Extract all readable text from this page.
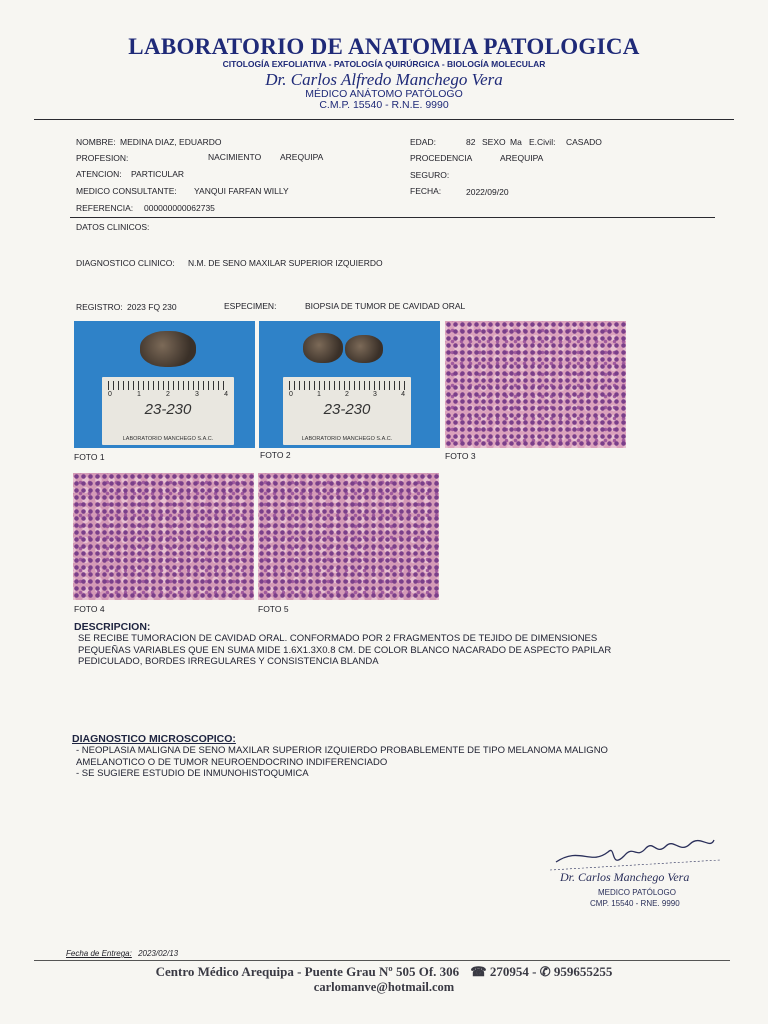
LABORATORIO DE ANATOMIA PATOLOGICA
CITOLOGÍA EXFOLIATIVA - PATOLOGÍA QUIRÚRGICA - BIOLOGÍA MOLECULAR
Dr. Carlos Alfredo Manchego Vera
MÉDICO ANÁTOMO PATÓLOGO
C.M.P. 15540 - R.N.E. 9990
NOMBRE: MEDINA DIAZ, EDUARDO
PROFESION:	NACIMIENTO AREQUIPA
ATENCION: PARTICULAR
MEDICO CONSULTANTE: YANQUI FARFAN WILLY
REFERENCIA: 000000000062735
EDAD:	82 SEXO Ma E.Civil: CASADO
PROCEDENCIA	AREQUIPA
SEGURO:
FECHA:	2022/09/20
DATOS CLINICOS:
DIAGNOSTICO CLINICO: N.M. DE SENO MAXILAR SUPERIOR IZQUIERDO
REGISTRO: 2023 FQ 230	ESPECIMEN:	BIOPSIA DE TUMOR DE CAVIDAD ORAL
0	1	2	3	4
23-230
LABORATORIO MANCHEGO S.A.C.
0	1	2	3	4
23-230
LABORATORIO MANCHEGO S.A.C.
FOTO 1	FOTO 2	FOTO 3
FOTO 4	FOTO 5
DESCRIPCION:
SE RECIBE TUMORACION DE CAVIDAD ORAL. CONFORMADO POR 2 FRAGMENTOS DE TEJIDO DE DIMENSIONES
PEQUEÑAS VARIABLES QUE EN SUMA MIDE 1.6X1.3X0.8 CM. DE COLOR BLANCO NACARADO DE ASPECTO PAPILAR
PEDICULADO, BORDES IRREGULARES Y CONSISTENCIA BLANDA
DIAGNOSTICO MICROSCOPICO:
- NEOPLASIA MALIGNA DE SENO MAXILAR SUPERIOR IZQUIERDO PROBABLEMENTE DE TIPO MELANOMA MALIGNO
AMELANOTICO O DE TUMOR NEUROENDOCRINO INDIFERENCIADO
- SE SUGIERE ESTUDIO DE INMUNOHISTOQUMICA
Dr. Carlos Manchego Vera
MEDICO PATÓLOGO
CMP. 15540 - RNE. 9990
Fecha de Entrega: 2023/02/13
Centro Médico Arequipa - Puente Grau Nº 505 Of. 306 ☎ 270954 - ✆ 959655255
carlomanve@hotmail.com
